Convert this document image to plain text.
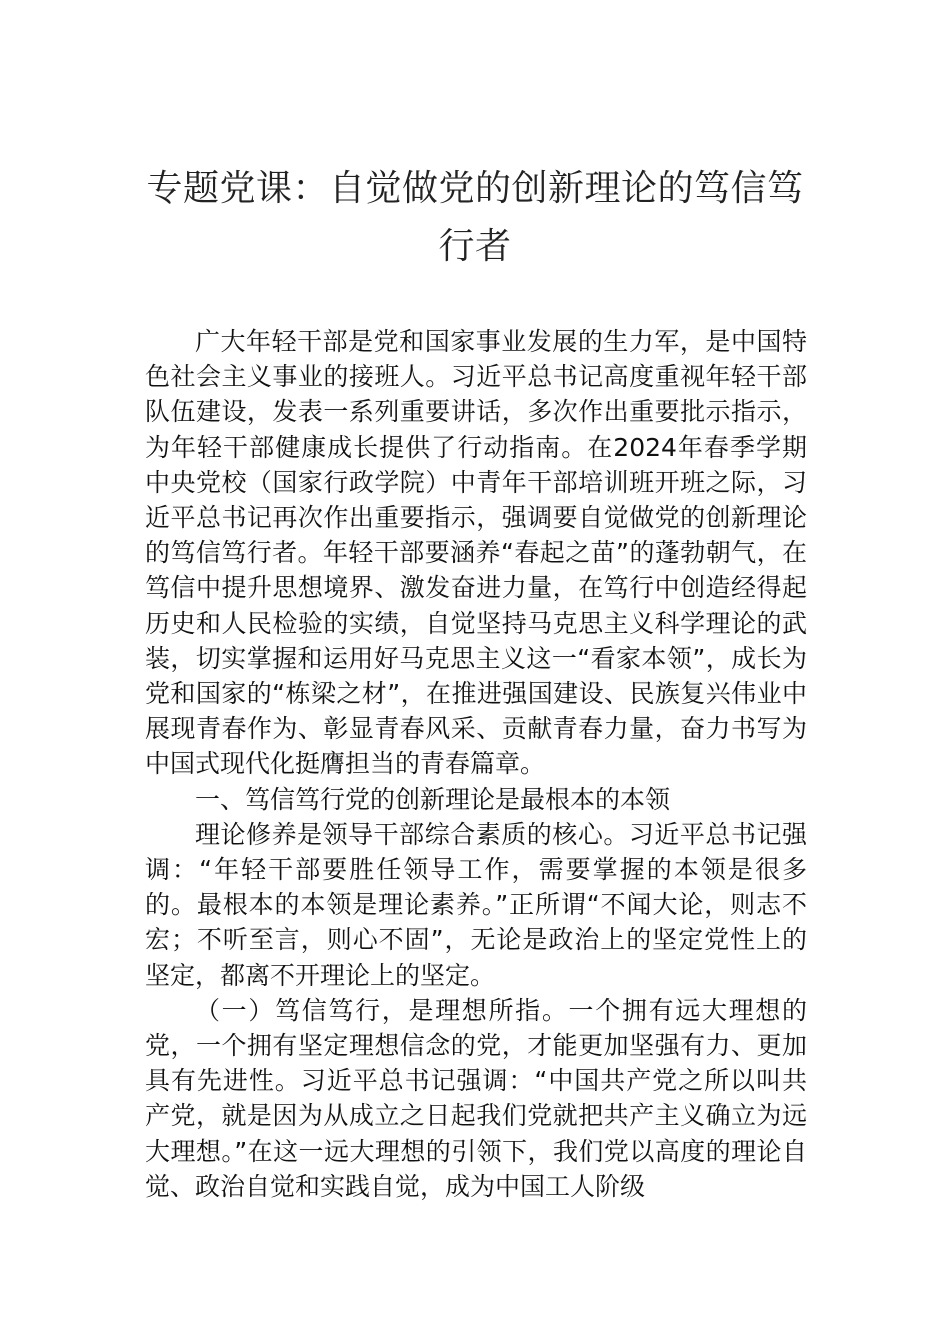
专题党课：自觉做党的创新理论的笃信笃行者

广大年轻干部是党和国家事业发展的生力军，是中国特色社会主义事业的接班人。习近平总书记高度重视年轻干部队伍建设，发表一系列重要讲话，多次作出重要批示指示，为年轻干部健康成长提供了行动指南。在2024年春季学期中央党校（国家行政学院）中青年干部培训班开班之际，习近平总书记再次作出重要指示，强调要自觉做党的创新理论的笃信笃行者。年轻干部要涵养“春起之苗”的蓬勃朝气，在笃信中提升思想境界、激发奋进力量，在笃行中创造经得起历史和人民检验的实绩，自觉坚持马克思主义科学理论的武装，切实掌握和运用好马克思主义这一“看家本领”，成长为党和国家的“栋梁之材”，在推进强国建设、民族复兴伟业中展现青春作为、彰显青春风采、贡献青春力量，奋力书写为中国式现代化挺膺担当的青春篇章。

一、笃信笃行党的创新理论是最根本的本领

理论修养是领导干部综合素质的核心。习近平总书记强调：“年轻干部要胜任领导工作，需要掌握的本领是很多的。最根本的本领是理论素养。”正所谓“不闻大论，则志不宏；不听至言，则心不固”，无论是政治上的坚定党性上的坚定，都离不开理论上的坚定。

（一）笃信笃行，是理想所指。一个拥有远大理想的党，一个拥有坚定理想信念的党，才能更加坚强有力、更加具有先进性。习近平总书记强调：“中国共产党之所以叫共产党，就是因为从成立之日起我们党就把共产主义确立为远大理想。”在这一远大理想的引领下，我们党以高度的理论自觉、政治自觉和实践自觉，成为中国工人阶级
